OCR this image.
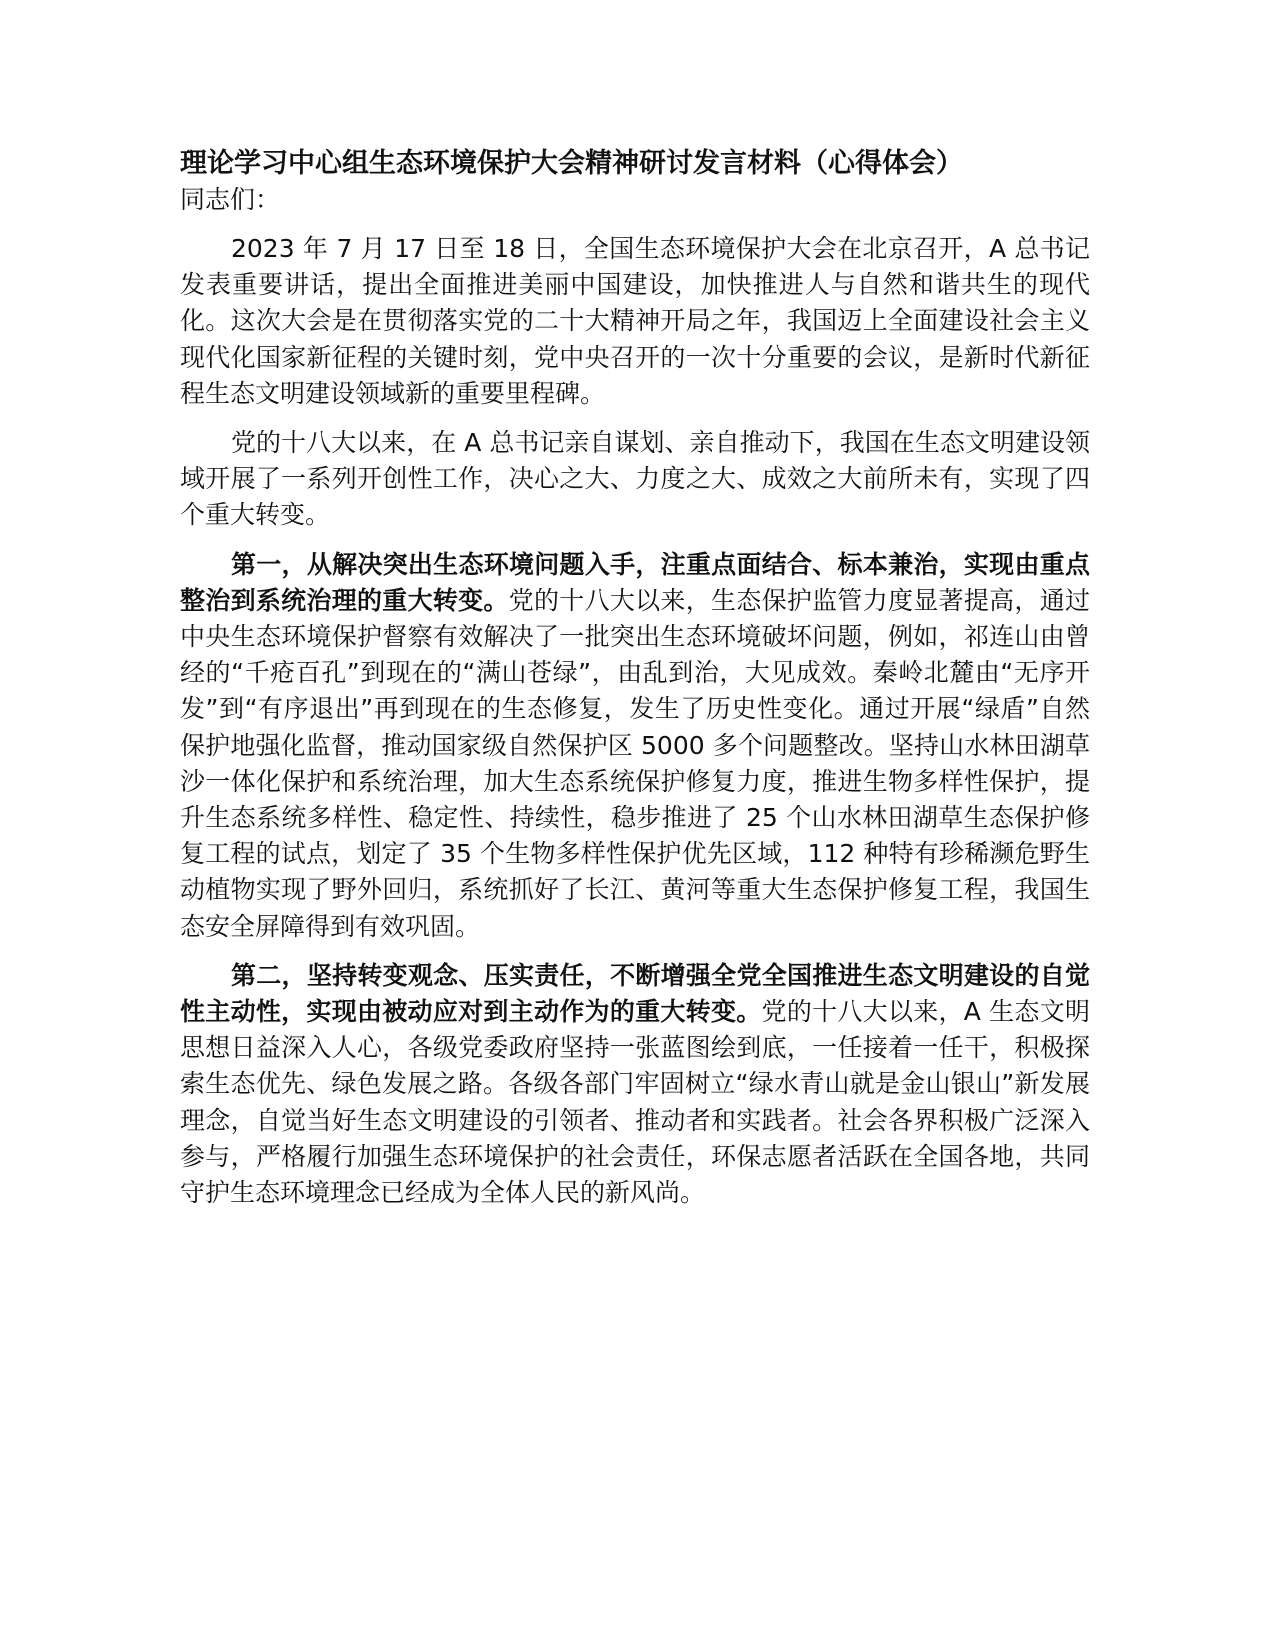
理论学习中心组生态环境保护大会精神研讨发言材料（心得体会）

同志们：

2023 年 7 月 17 日至 18 日，全国生态环境保护大会在北京召开，A 总书记发表重要讲话，提出全面推进美丽中国建设，加快推进人与自然和谐共生的现代化。这次大会是在贯彻落实党的二十大精神开局之年，我国迈上全面建设社会主义现代化国家新征程的关键时刻，党中央召开的一次十分重要的会议，是新时代新征程生态文明建设领域新的重要里程碑。

党的十八大以来，在 A 总书记亲自谋划、亲自推动下，我国在生态文明建设领域开展了一系列开创性工作，决心之大、力度之大、成效之大前所未有，实现了四个重大转变。

第一，从解决突出生态环境问题入手，注重点面结合、标本兼治，实现由重点整治到系统治理的重大转变。党的十八大以来，生态保护监管力度显著提高，通过中央生态环境保护督察有效解决了一批突出生态环境破坏问题，例如，祁连山由曾经的“千疮百孔”到现在的“满山苍绿”，由乱到治，大见成效。秦岭北麓由“无序开发”到“有序退出”再到现在的生态修复，发生了历史性变化。通过开展“绿盾”自然保护地强化监督，推动国家级自然保护区 5000 多个问题整改。坚持山水林田湖草沙一体化保护和系统治理，加大生态系统保护修复力度，推进生物多样性保护，提升生态系统多样性、稳定性、持续性，稳步推进了 25 个山水林田湖草生态保护修复工程的试点，划定了 35 个生物多样性保护优先区域，112 种特有珍稀濒危野生动植物实现了野外回归，系统抓好了长江、黄河等重大生态保护修复工程，我国生态安全屏障得到有效巩固。

第二，坚持转变观念、压实责任，不断增强全党全国推进生态文明建设的自觉性主动性，实现由被动应对到主动作为的重大转变。党的十八大以来，A 生态文明思想日益深入人心，各级党委政府坚持一张蓝图绘到底，一任接着一任干，积极探索生态优先、绿色发展之路。各级各部门牢固树立“绿水青山就是金山银山”新发展理念，自觉当好生态文明建设的引领者、推动者和实践者。社会各界积极广泛深入参与，严格履行加强生态环境保护的社会责任，环保志愿者活跃在全国各地，共同守护生态环境理念已经成为全体人民的新风尚。
